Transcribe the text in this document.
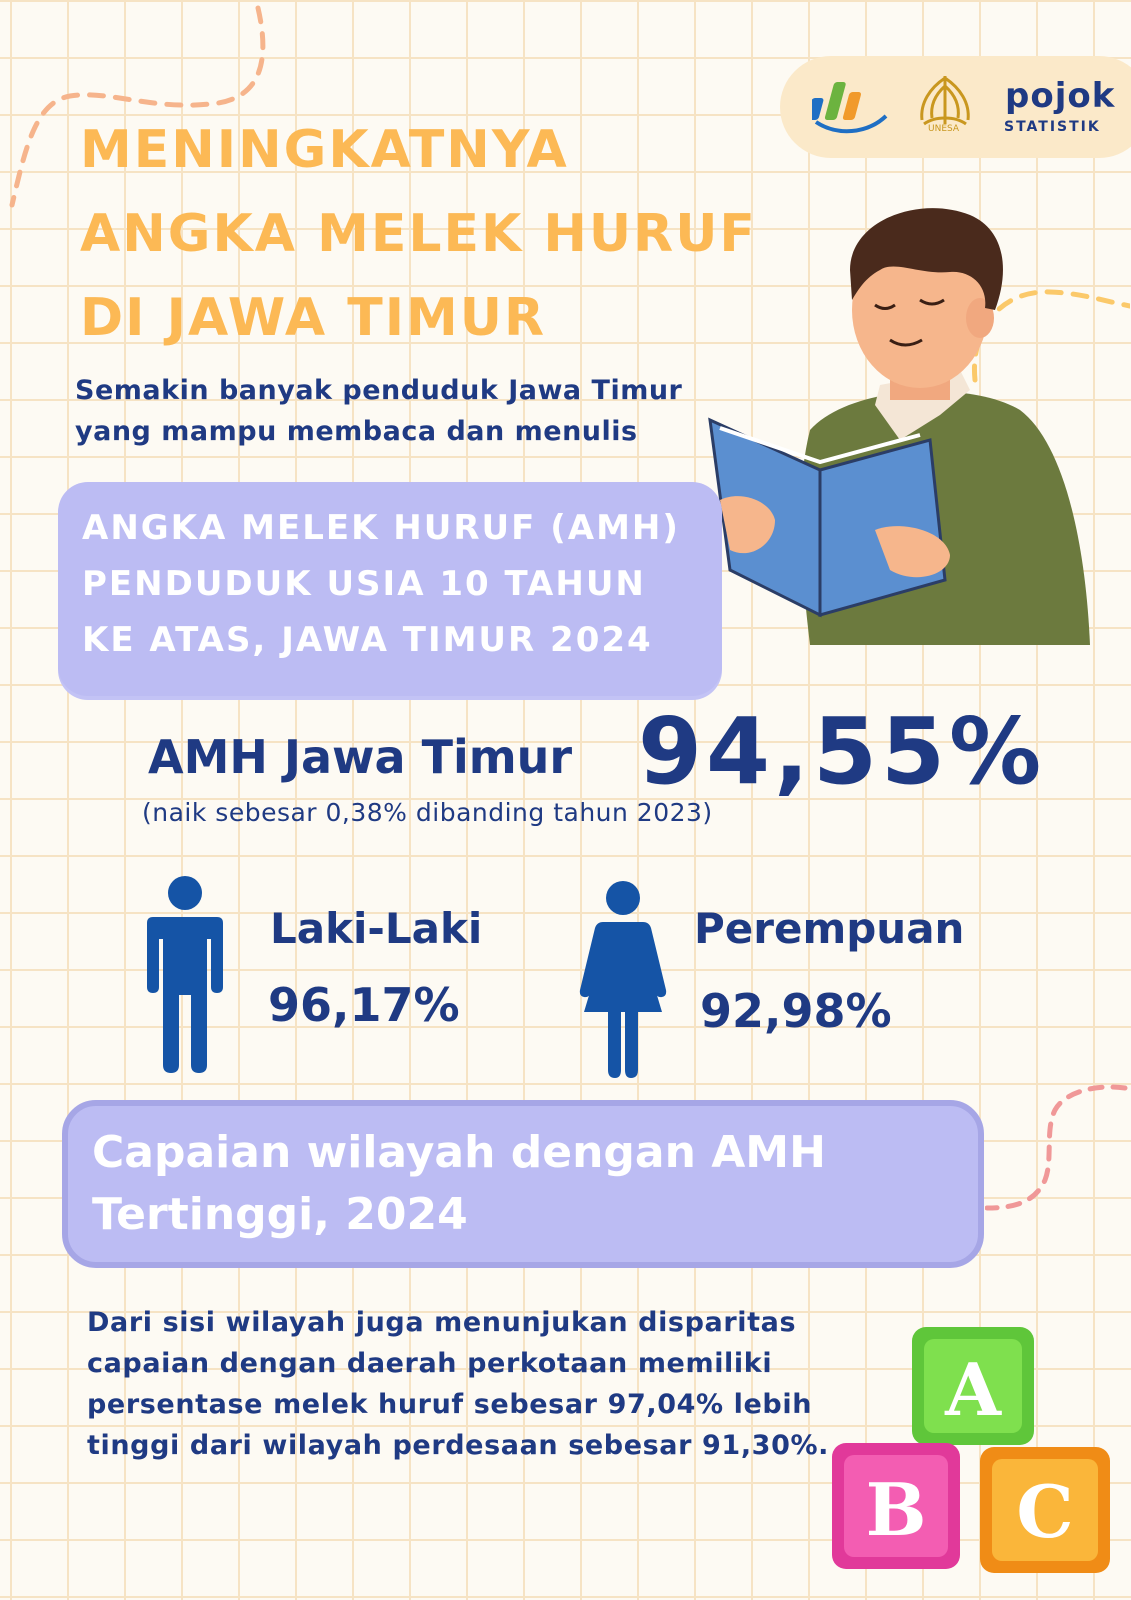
UNESA
pojok
STATISTIK
MENINGKATNYA
ANGKA MELEK HURUF
DI JAWA TIMUR
Semakin banyak penduduk Jawa Timur
yang mampu membaca dan menulis
ANGKA MELEK HURUF (AMH)
PENDUDUK USIA 10 TAHUN
KE ATAS, JAWA TIMUR 2024
AMH Jawa Timur 94,55%
(naik sebesar 0,38% dibanding tahun 2023)
Laki-Laki
96,17%
Perempuan
92,98%
Capaian wilayah dengan AMH
Tertinggi, 2024
Dari sisi wilayah juga menunjukan disparitas
capaian dengan daerah perkotaan memiliki
persentase melek huruf sebesar 97,04% lebih
tinggi dari wilayah perdesaan sebesar 91,30%.
A
B C
